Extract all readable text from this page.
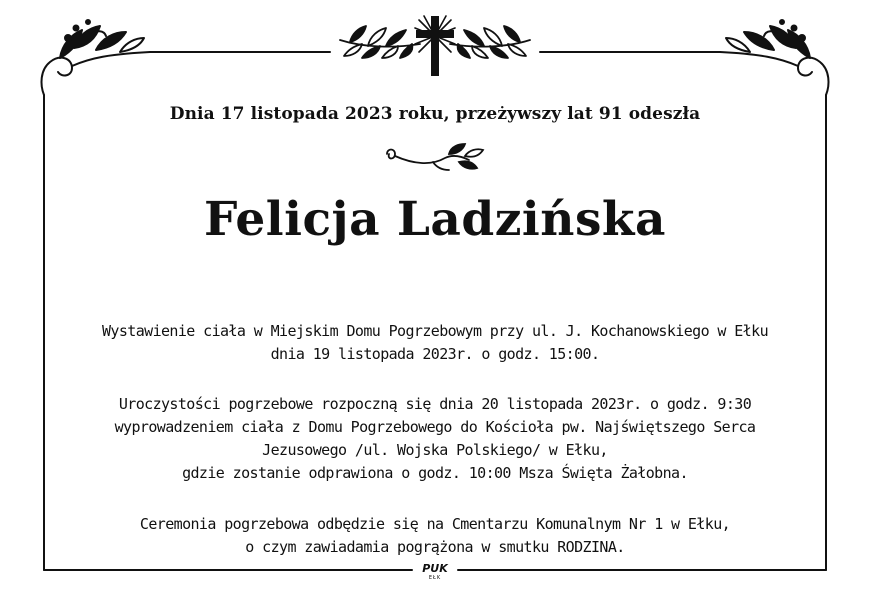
Dnia 17 listopada 2023 roku, przeżywszy lat 91 odeszła
Felicja Ladzińska
Wystawienie ciała w Miejskim Domu Pogrzebowym przy ul. J. Kochanowskiego w Ełku
dnia 19 listopada 2023r. o godz. 15:00.
Uroczystości pogrzebowe rozpoczną się dnia 20 listopada 2023r. o godz. 9:30
wyprowadzeniem ciała z Domu Pogrzebowego do Kościoła pw. Najświętszego Serca
Jezusowego /ul. Wojska Polskiego/ w Ełku,
gdzie zostanie odprawiona o godz. 10:00 Msza Święta Żałobna.
Ceremonia pogrzebowa odbędzie się na Cmentarzu Komunalnym Nr 1 w Ełku,
o czym zawiadamia pogrążona w smutku RODZINA.
PUK
EŁK
